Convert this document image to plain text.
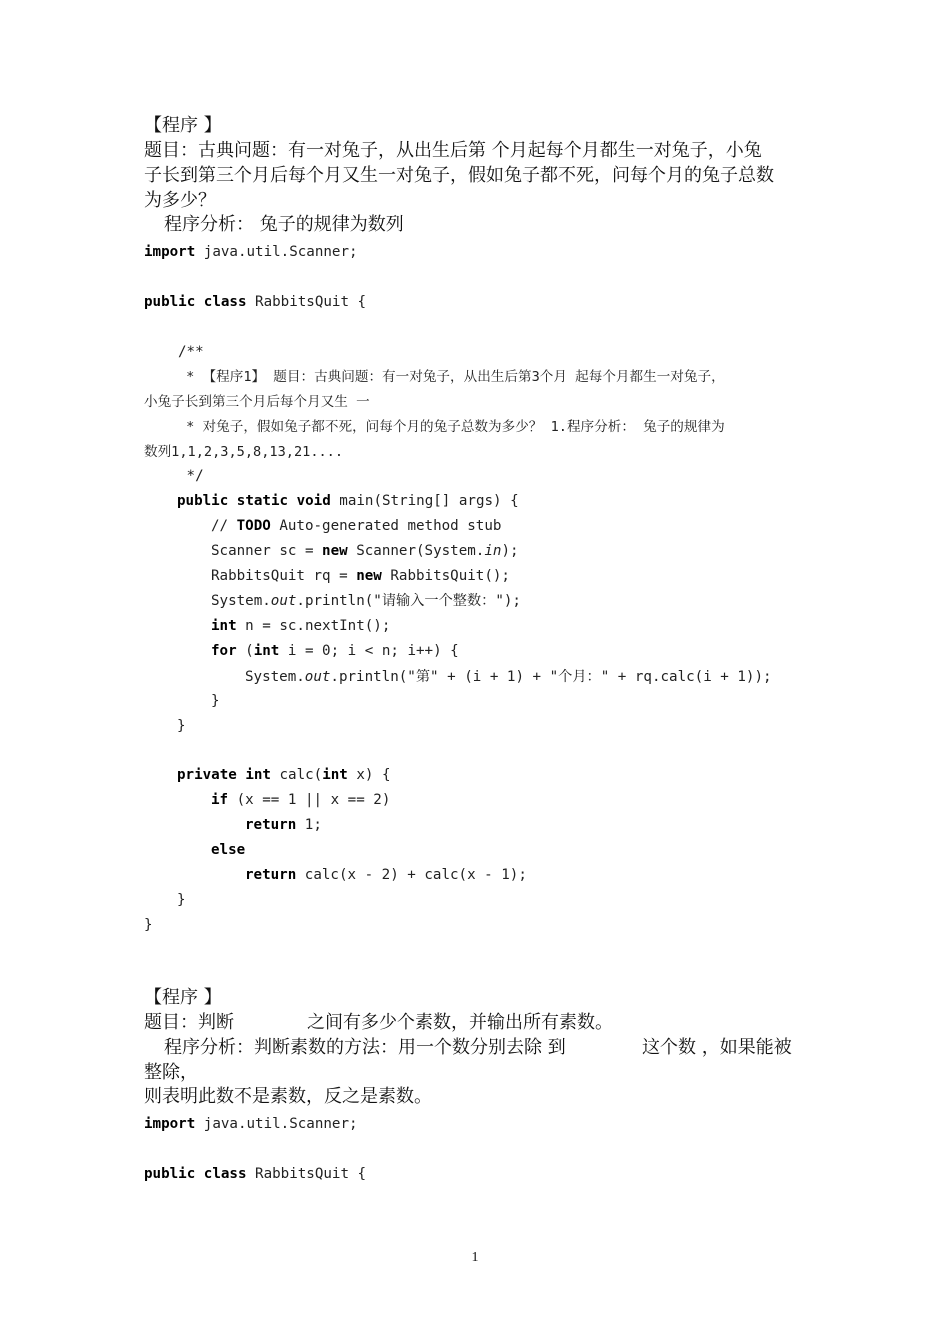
【程序 】
题目：古典问题：有一对兔子，从出生后第 个月起每个月都生一对兔子，小兔
子长到第三个月后每个月又生一对兔子，假如兔子都不死，问每个月的兔子总数
为多少？
程序分析： 兔子的规律为数列
import java.util.Scanner;
public class RabbitsQuit {
/**
* 【程序1】 题目：古典问题：有一对兔子，从出生后第3个月 起每个月都生一对兔子，
小兔子长到第三个月后每个月又生 一
* 对兔子，假如兔子都不死，问每个月的兔子总数为多少？ 1.程序分析： 兔子的规律为
数列1,1,2,3,5,8,13,21....
*/
public static void main(String[] args) {
// TODO Auto-generated method stub
Scanner sc = new Scanner(System.in);
RabbitsQuit rq = new RabbitsQuit();
System.out.println("请输入一个整数：");
int n = sc.nextInt();
for (int i = 0; i < n; i++) {
System.out.println("第" + (i + 1) + "个月：" + rq.calc(i + 1));
}
}
private int calc(int x) {
if (x == 1 || x == 2)
return 1;
else
return calc(x - 2) + calc(x - 1);
}
}
【程序 】
题目：判断	之间有多少个素数，并输出所有素数。
程序分析：判断素数的方法：用一个数分别去除 到	这个数 ，如果能被
整除，
则表明此数不是素数，反之是素数。
import java.util.Scanner;
public class RabbitsQuit {
1
